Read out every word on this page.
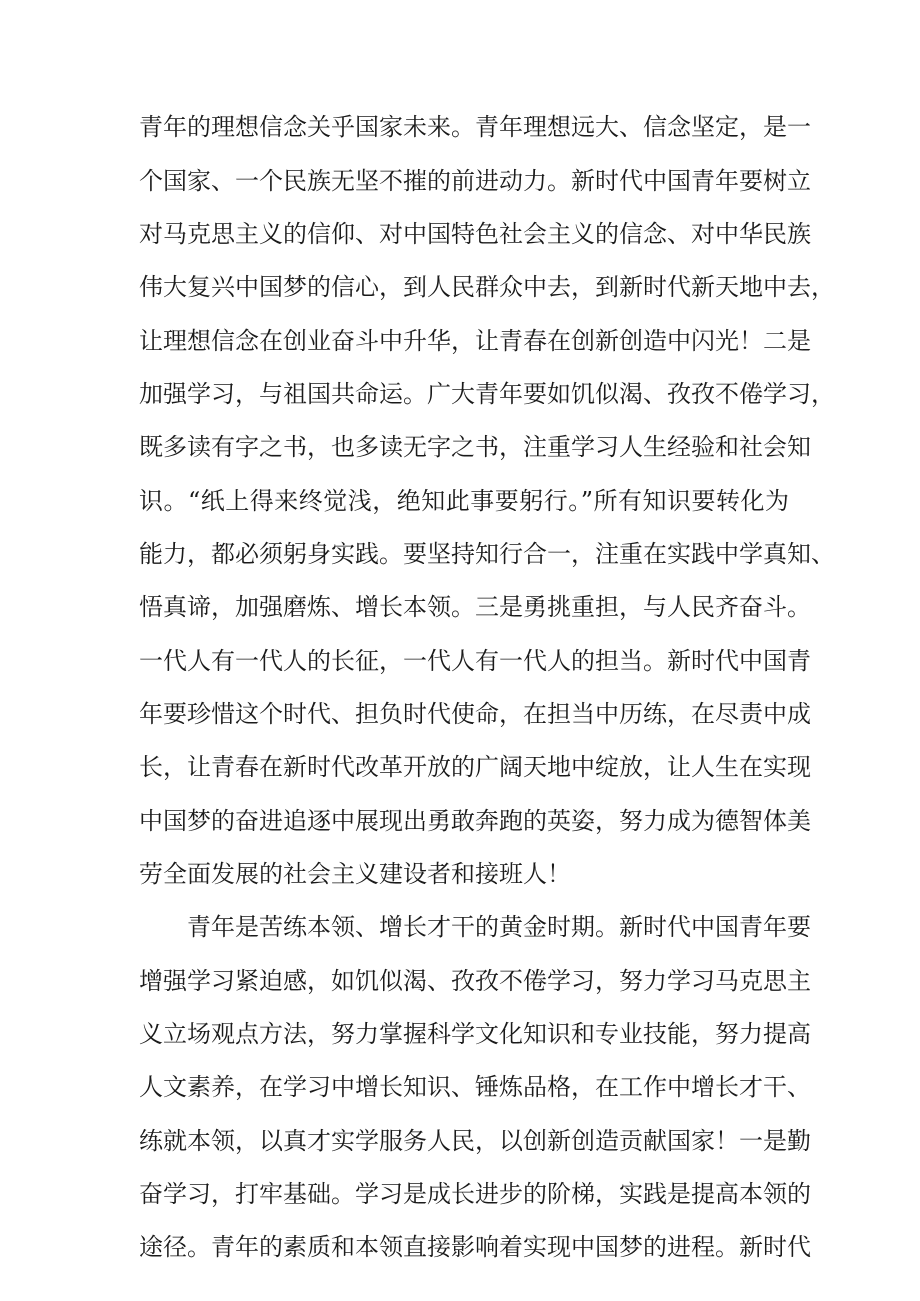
青年的理想信念关乎国家未来。青年理想远大、信念坚定，是一
个国家、一个民族无坚不摧的前进动力。新时代中国青年要树立
对马克思主义的信仰、对中国特色社会主义的信念、对中华民族
伟大复兴中国梦的信心，到人民群众中去，到新时代新天地中去，
让理想信念在创业奋斗中升华，让青春在创新创造中闪光！二是
加强学习，与祖国共命运。广大青年要如饥似渴、孜孜不倦学习，
既多读有字之书，也多读无字之书，注重学习人生经验和社会知
识。“纸上得来终觉浅，绝知此事要躬行。”所有知识要转化为
能力，都必须躬身实践。要坚持知行合一，注重在实践中学真知、
悟真谛，加强磨炼、增长本领。三是勇挑重担，与人民齐奋斗。
一代人有一代人的长征，一代人有一代人的担当。新时代中国青
年要珍惜这个时代、担负时代使命，在担当中历练，在尽责中成
长，让青春在新时代改革开放的广阔天地中绽放，让人生在实现
中国梦的奋进追逐中展现出勇敢奔跑的英姿，努力成为德智体美
劳全面发展的社会主义建设者和接班人！
青年是苦练本领、增长才干的黄金时期。新时代中国青年要
增强学习紧迫感，如饥似渴、孜孜不倦学习，努力学习马克思主
义立场观点方法，努力掌握科学文化知识和专业技能，努力提高
人文素养，在学习中增长知识、锤炼品格，在工作中增长才干、
练就本领，以真才实学服务人民，以创新创造贡献国家！一是勤
奋学习，打牢基础。学习是成长进步的阶梯，实践是提高本领的
途径。青年的素质和本领直接影响着实现中国梦的进程。新时代
